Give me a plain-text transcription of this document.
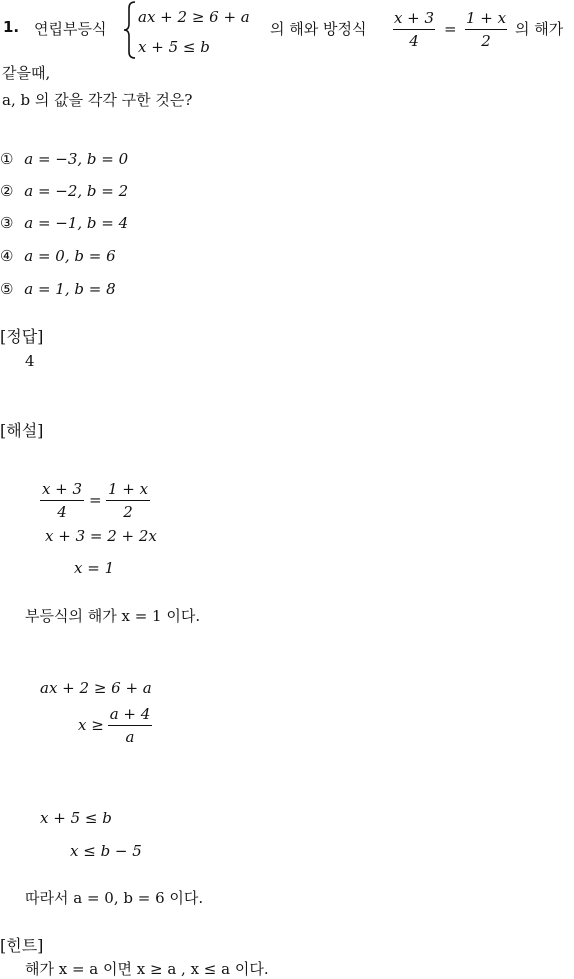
1. 연립부등식
ax + 2 ≥ 6 + a
x + 5 ≤ b
의 해와 방정식
x + 3
4
=
1 + x
2
의 해가
같을때,
a, b 의 값을 각각 구한 것은?
① a = −3, b = 0
② a = −2, b = 2
③ a = −1, b = 4
④ a = 0, b = 6
⑤ a = 1, b = 8
[정답]
4
[해설]
x + 3
4
=
1 + x
2
x + 3 = 2 + 2x
x = 1
부등식의 해가 x = 1 이다.
ax + 2 ≥ 6 + a
x ≥
a + 4
a
x + 5 ≤ b
x ≤ b − 5
따라서 a = 0, b = 6 이다.
[힌트]
해가 x = a 이면 x ≥ a , x ≤ a 이다.
